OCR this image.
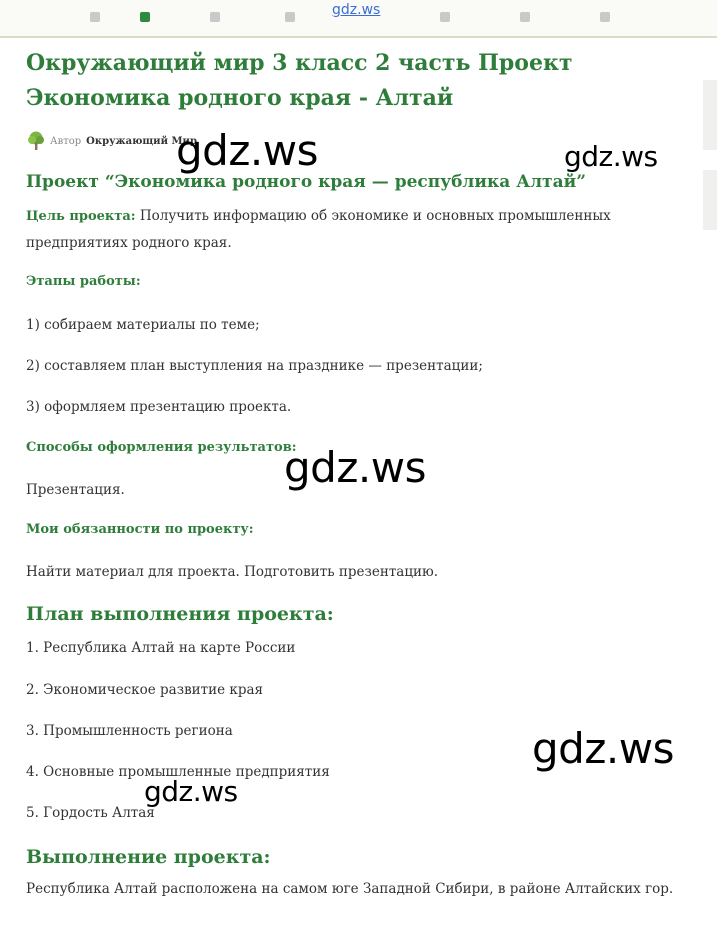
gdz.ws
Окружающий мир 3 класс 2 часть Проект
Экономика родного края - Алтай
Автор Окружающий Мир
Проект “Экономика родного края — республика Алтай”

Цель проекта: Получить информацию об экономике и основных промышленных предприятиях родного края.

Этапы работы:

1) собираем материалы по теме;

2) составляем план выступления на празднике — презентации;

3) оформляем презентацию проекта.

Способы оформления результатов:

Презентация.

Мои обязанности по проекту:

Найти материал для проекта. Подготовить презентацию.

План выполнения проекта:

1. Республика Алтай на карте России

2. Экономическое развитие края

3. Промышленность региона

4. Основные промышленные предприятия

5. Гордость Алтая

Выполнение проекта:

Республика Алтай расположена на самом юге Западной Сибири, в районе Алтайских гор.

gdz.ws	gdz.ws
gdz.ws
gdz.ws
gdz.ws
